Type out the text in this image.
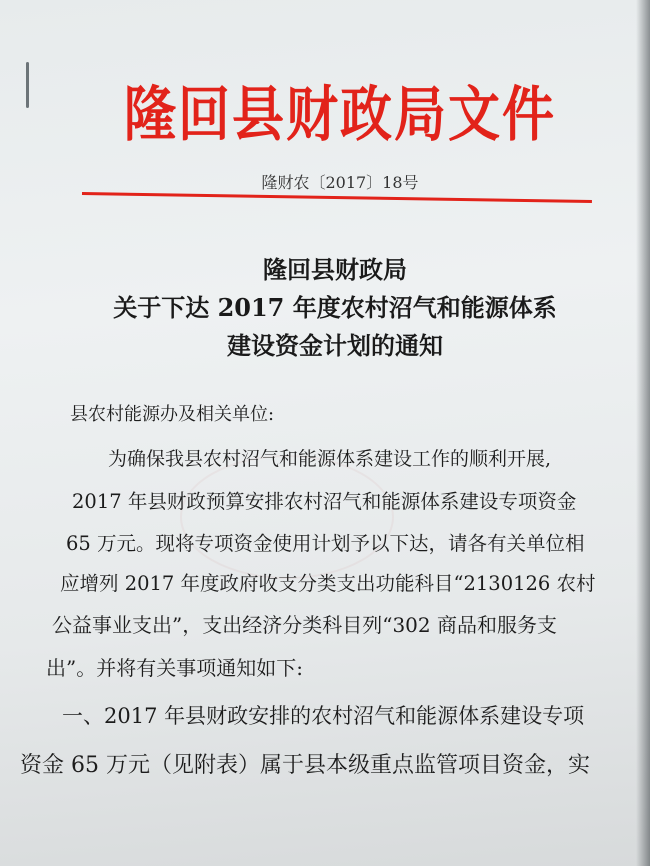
隆回县财政局文件
隆财农〔2017〕18号
隆回县财政局
关于下达 2017 年度农村沼气和能源体系
建设资金计划的通知
县农村能源办及相关单位:
为确保我县农村沼气和能源体系建设工作的顺利开展,
2017 年县财政预算安排农村沼气和能源体系建设专项资金
65 万元。现将专项资金使用计划予以下达，请各有关单位相
应增列 2017 年度政府收支分类支出功能科目“2130126 农村
公益事业支出”，支出经济分类科目列“302 商品和服务支
出”。并将有关事项通知如下:
一、2017 年县财政安排的农村沼气和能源体系建设专项
资金 65 万元（见附表）属于县本级重点监管项目资金，实
